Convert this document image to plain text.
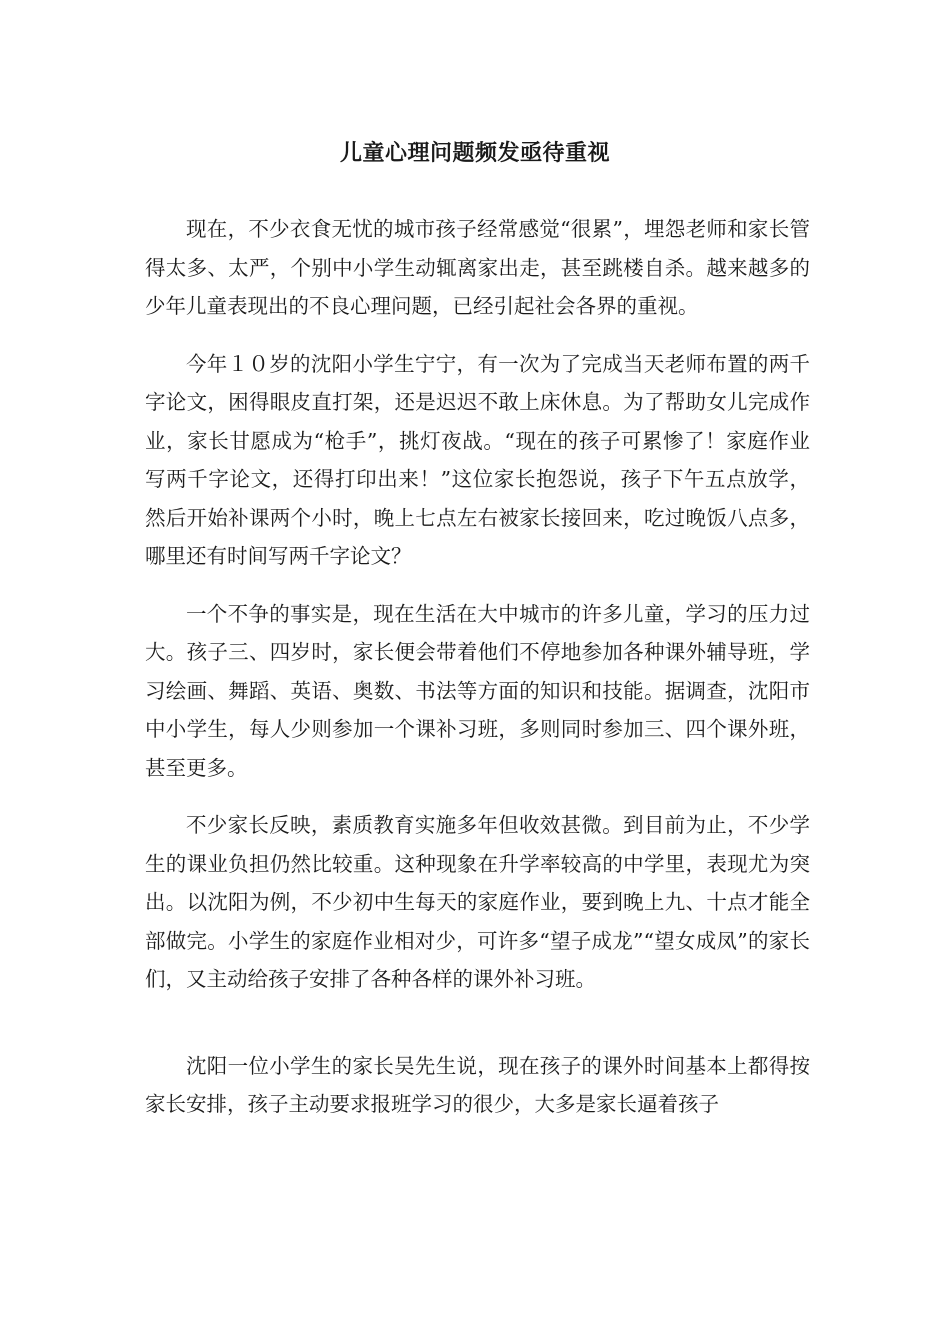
儿童心理问题频发亟待重视

现在，不少衣食无忧的城市孩子经常感觉“很累”，埋怨老师和家长管得太多、太严，个别中小学生动辄离家出走，甚至跳楼自杀。越来越多的少年儿童表现出的不良心理问题，已经引起社会各界的重视。

今年１０岁的沈阳小学生宁宁，有一次为了完成当天老师布置的两千字论文，困得眼皮直打架，还是迟迟不敢上床休息。为了帮助女儿完成作业，家长甘愿成为“枪手”，挑灯夜战。“现在的孩子可累惨了！家庭作业写两千字论文，还得打印出来！”这位家长抱怨说，孩子下午五点放学，然后开始补课两个小时，晚上七点左右被家长接回来，吃过晚饭八点多，哪里还有时间写两千字论文？

一个不争的事实是，现在生活在大中城市的许多儿童，学习的压力过大。孩子三、四岁时，家长便会带着他们不停地参加各种课外辅导班，学习绘画、舞蹈、英语、奥数、书法等方面的知识和技能。据调查，沈阳市中小学生，每人少则参加一个课补习班，多则同时参加三、四个课外班，甚至更多。

不少家长反映，素质教育实施多年但收效甚微。到目前为止，不少学生的课业负担仍然比较重。这种现象在升学率较高的中学里，表现尤为突出。以沈阳为例，不少初中生每天的家庭作业，要到晚上九、十点才能全部做完。小学生的家庭作业相对少，可许多“望子成龙”“望女成凤”的家长们，又主动给孩子安排了各种各样的课外补习班。

沈阳一位小学生的家长吴先生说，现在孩子的课外时间基本上都得按家长安排，孩子主动要求报班学习的很少，大多是家长逼着孩子
